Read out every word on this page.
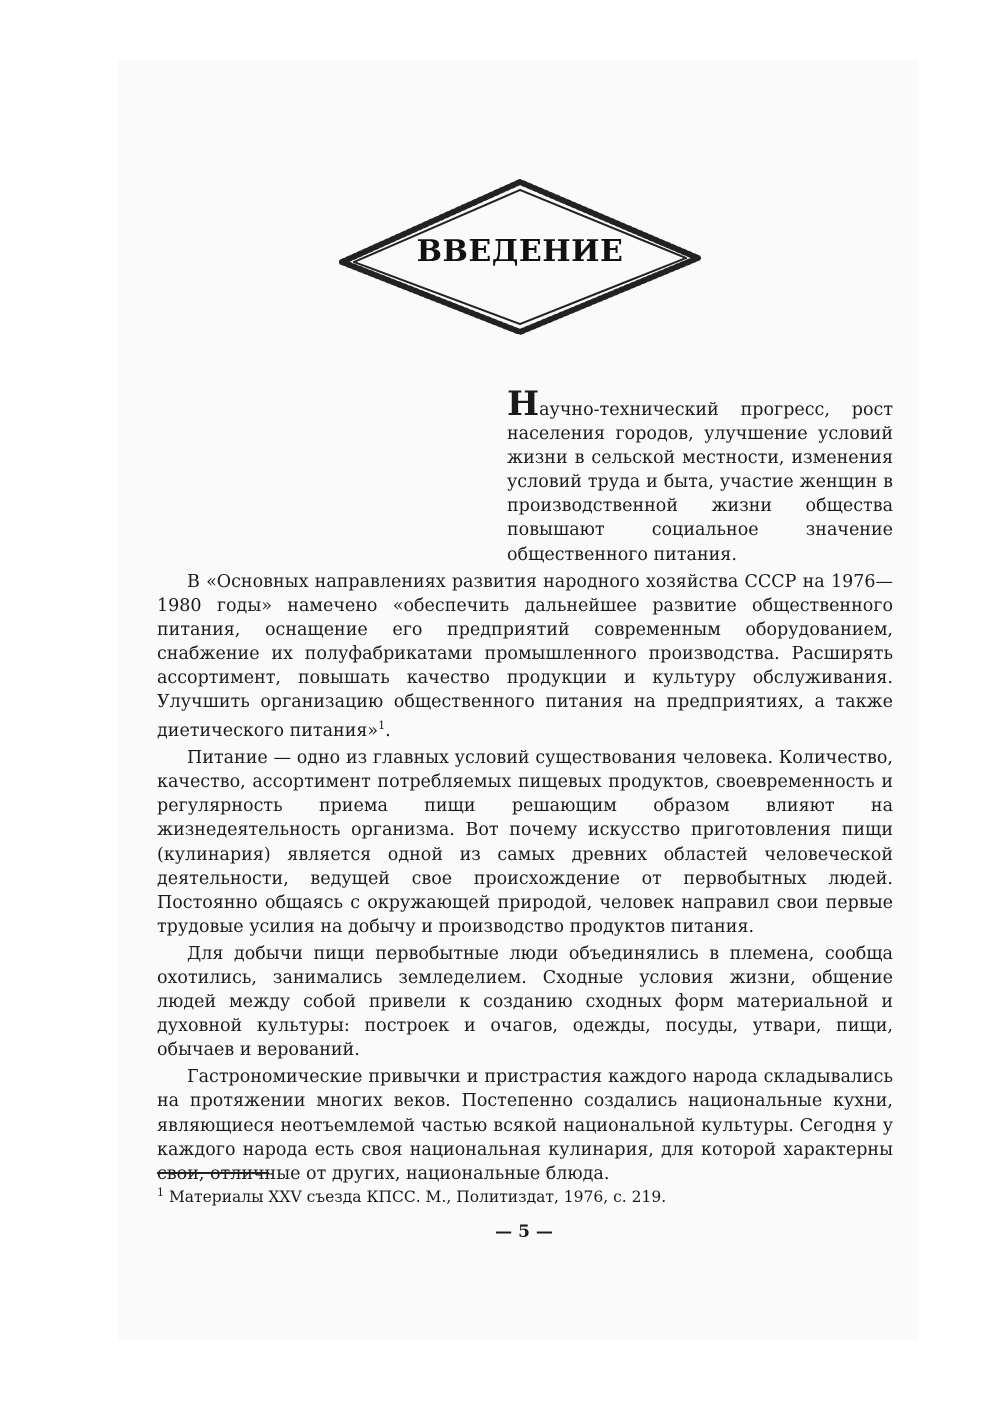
ВВЕДЕНИЕ

Научно-технический прогресс, рост населения городов, улучшение условий жизни в сельской местности, изменения условий труда и быта, участие женщин в производственной жизни общества повышают социальное значение общественного питания.

В «Основных направлениях развития народного хозяйства СССР на 1976—1980 годы» намечено «обеспечить дальнейшее развитие общественного питания, оснащение его предприятий современным оборудованием, снабжение их полуфабрикатами промышленного производства. Расширять ассортимент, повышать качество продукции и культуру обслуживания. Улучшить организацию общественного питания на предприятиях, а также диетического питания»$^1$.

Питание — одно из главных условий существования человека. Количество, качество, ассортимент потребляемых пищевых продуктов, своевременность и регулярность приема пищи решающим образом влияют на жизнедеятельность организма. Вот почему искусство приготовления пищи (кулинария) является одной из самых древних областей человеческой деятельности, ведущей свое происхождение от первобытных людей. Постоянно общаясь с окружающей природой, человек направил свои первые трудовые усилия на добычу и производство продуктов питания.

Для добычи пищи первобытные люди объединялись в племена, сообща охотились, занимались земледелием. Сходные условия жизни, общение людей между собой привели к созданию сходных форм материальной и духовной культуры: построек и очагов, одежды, посуды, утвари, пищи, обычаев и верований.

Гастрономические привычки и пристрастия каждого народа складывались на протяжении многих веков. Постепенно создались национальные кухни, являющиеся неотъемлемой частью всякой национальной культуры. Сегодня у каждого народа есть своя национальная кулинария, для которой характерны свои, отличные от других, национальные блюда.

$^1$ Материалы XXV съезда КПСС. М., Политиздат, 1976, с. 219.
— 5 —
